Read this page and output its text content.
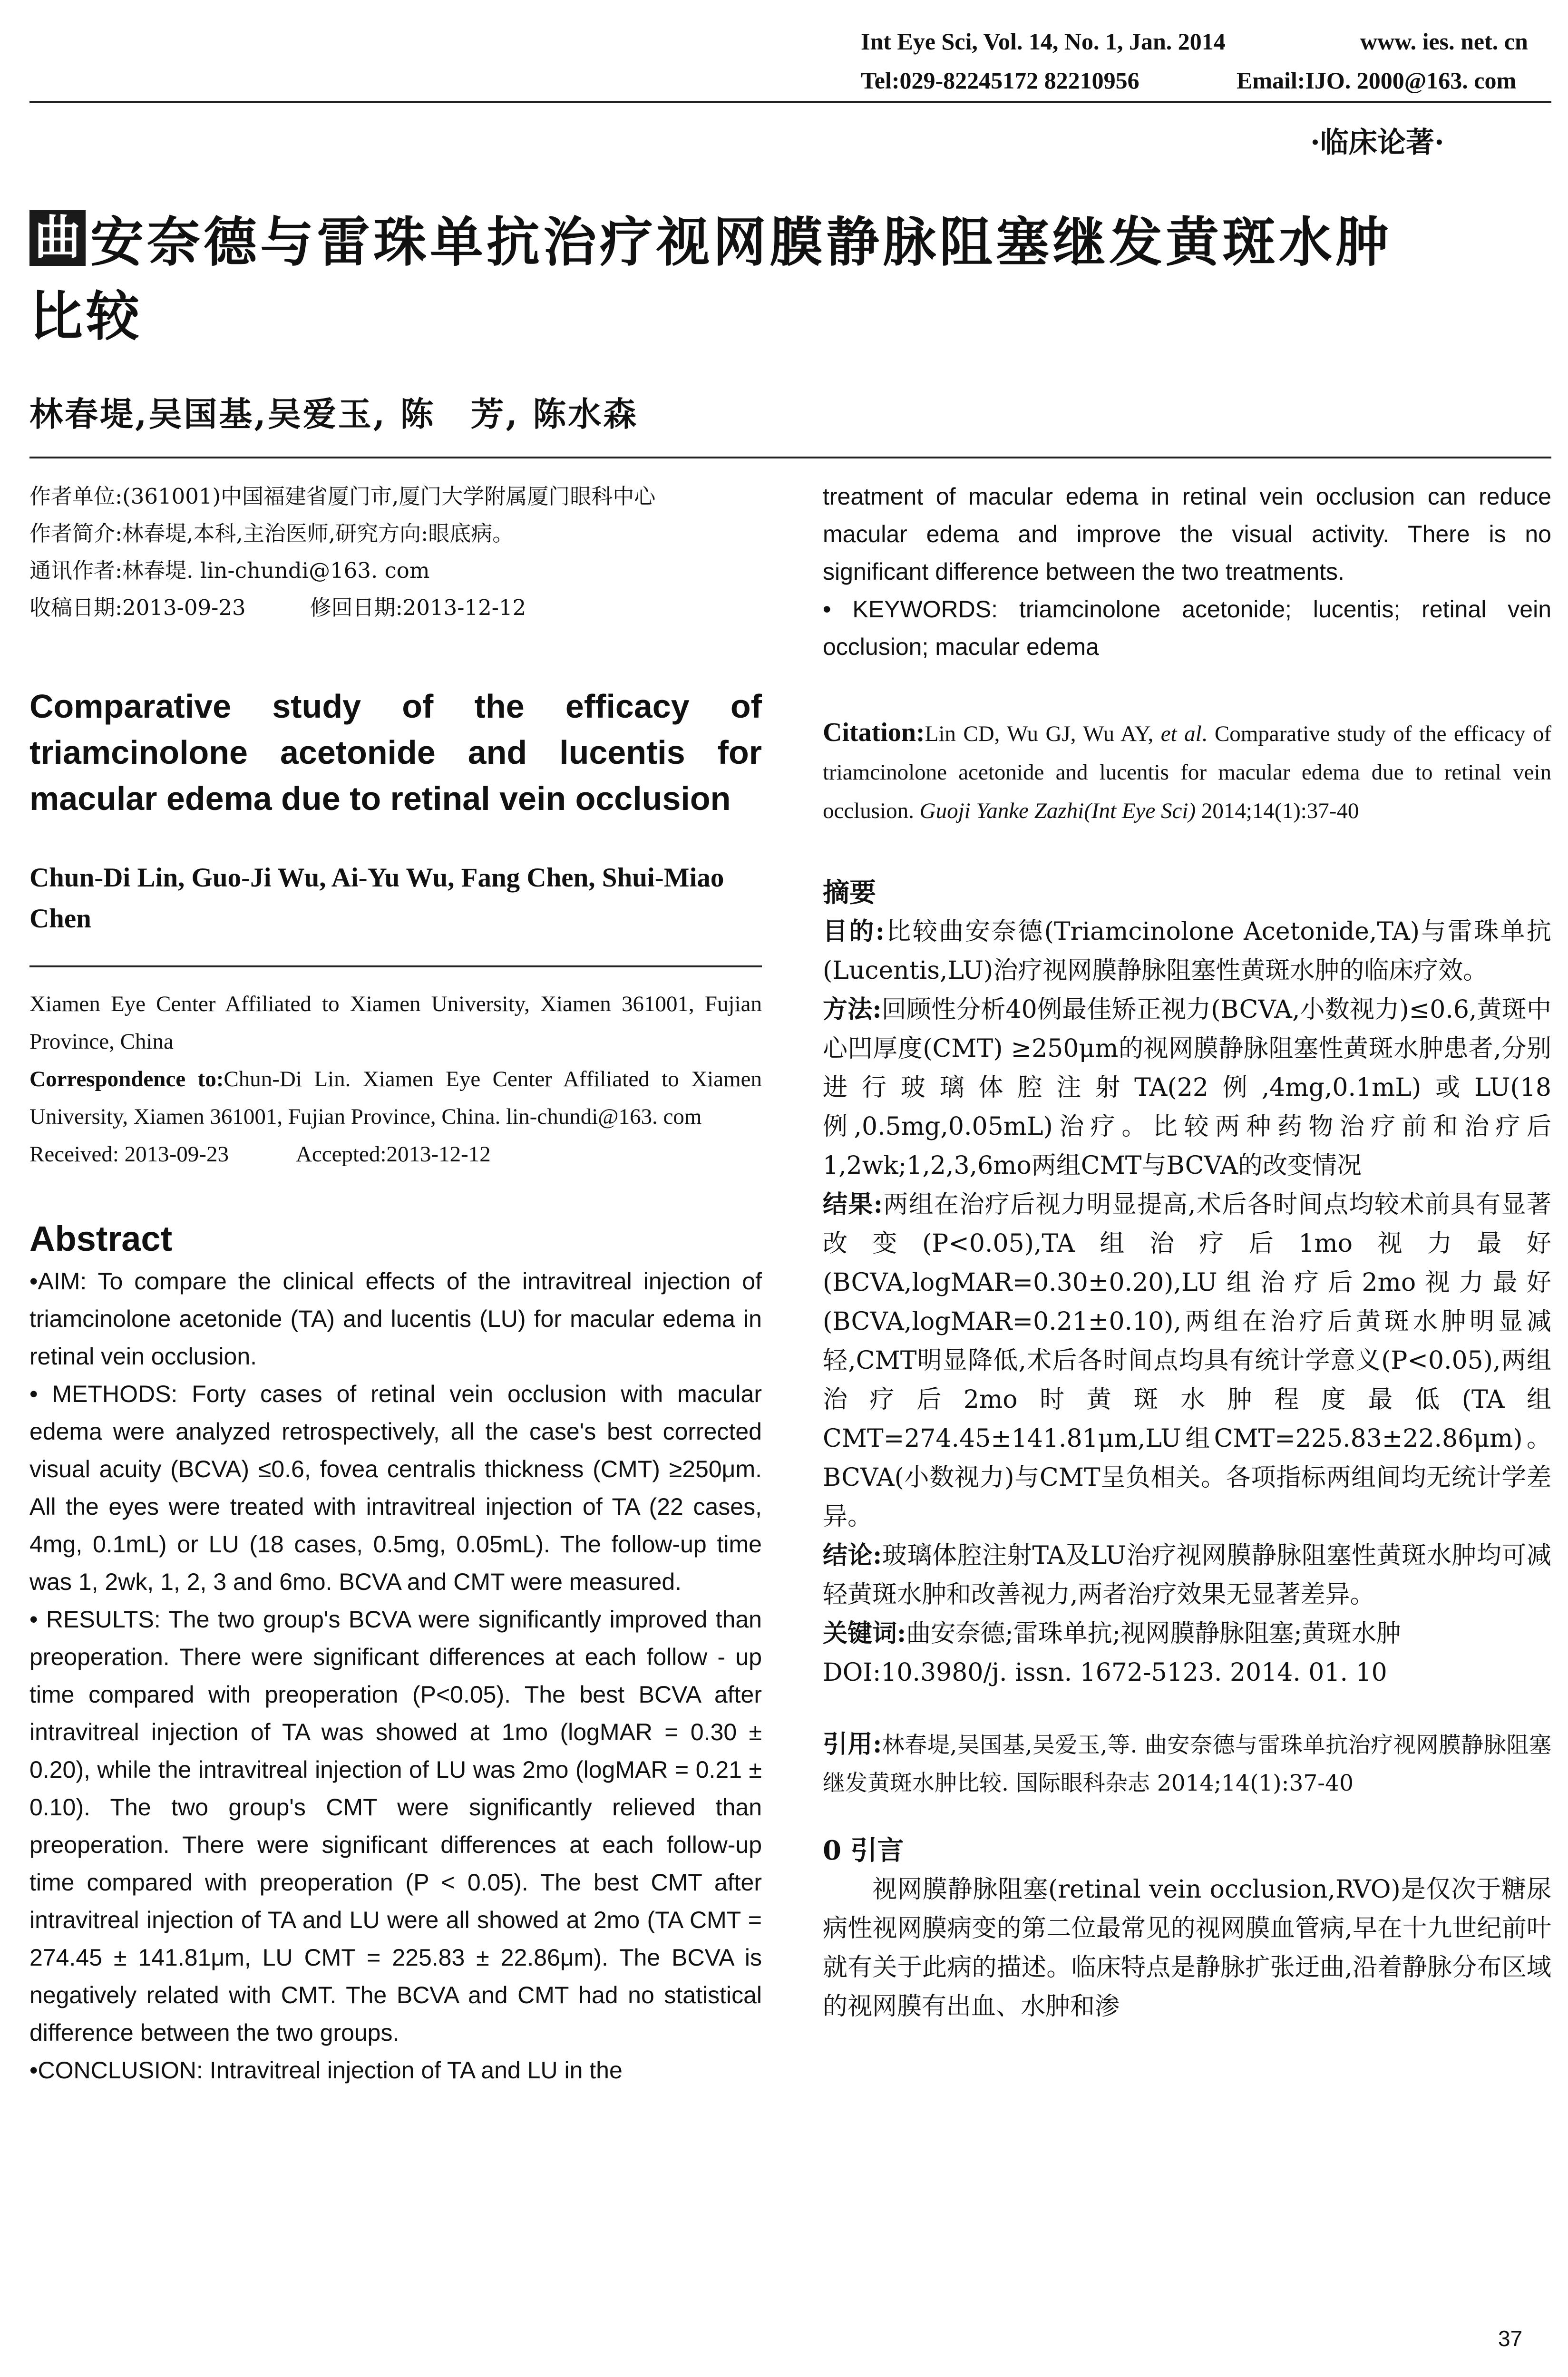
Int Eye Sci, Vol. 14, No. 1, Jan. 2014	www. ies. net. cn
Tel:029-82245172 82210956	Email:IJO. 2000@163. com
·临床论著·
曲 安奈德与雷珠单抗治疗视网膜静脉阻塞继发黄斑水肿
比较
林春堤,吴国基,吴爱玉, 陈　芳, 陈水森
作者单位:(361001)中国福建省厦门市,厦门大学附属厦门眼科中心
作者简介:林春堤,本科,主治医师,研究方向:眼底病。
通讯作者:林春堤. lin-chundi@163. com
收稿日期:2013-09-23　　　修回日期:2013-12-12
Comparative study of the efficacy of triamcinolone acetonide and lucentis for macular edema due to retinal vein occlusion
Chun-Di Lin, Guo-Ji Wu, Ai-Yu Wu, Fang Chen, Shui-Miao Chen
Xiamen Eye Center Affiliated to Xiamen University, Xiamen 361001, Fujian Province, China
Correspondence to:Chun-Di Lin. Xiamen Eye Center Affiliated to Xiamen University, Xiamen 361001, Fujian Province, China. lin-chundi@163. com
Received: 2013-09-23　　　Accepted:2013-12-12
Abstract

•AIM: To compare the clinical effects of the intravitreal injection of triamcinolone acetonide (TA) and lucentis (LU) for macular edema in retinal vein occlusion.

• METHODS: Forty cases of retinal vein occlusion with macular edema were analyzed retrospectively, all the case's best corrected visual acuity (BCVA) ≤0.6, fovea centralis thickness (CMT) ≥250μm. All the eyes were treated with intravitreal injection of TA (22 cases, 4mg, 0.1mL) or LU (18 cases, 0.5mg, 0.05mL). The follow-up time was 1, 2wk, 1, 2, 3 and 6mo. BCVA and CMT were measured.

• RESULTS: The two group's BCVA were significantly improved than preoperation. There were significant differences at each follow - up time compared with preoperation (P<0.05). The best BCVA after intravitreal injection of TA was showed at 1mo (logMAR = 0.30 ± 0.20), while the intravitreal injection of LU was 2mo (logMAR = 0.21 ± 0.10). The two group's CMT were significantly relieved than preoperation. There were significant differences at each follow-up time compared with preoperation (P < 0.05). The best CMT after intravitreal injection of TA and LU were all showed at 2mo (TA CMT = 274.45 ± 141.81μm, LU CMT = 225.83 ± 22.86μm). The BCVA is negatively related with CMT. The BCVA and CMT had no statistical difference between the two groups.

•CONCLUSION: Intravitreal injection of TA and LU in the

treatment of macular edema in retinal vein occlusion can reduce macular edema and improve the visual activity. There is no significant difference between the two treatments.

• KEYWORDS: triamcinolone acetonide; lucentis; retinal vein occlusion; macular edema

Citation:Lin CD, Wu GJ, Wu AY, et al. Comparative study of the efficacy of triamcinolone acetonide and lucentis for macular edema due to retinal vein occlusion. Guoji Yanke Zazhi(Int Eye Sci) 2014;14(1):37-40

摘要

目的:比较曲安奈德(Triamcinolone Acetonide,TA)与雷珠单抗(Lucentis,LU)治疗视网膜静脉阻塞性黄斑水肿的临床疗效。

方法:回顾性分析40例最佳矫正视力(BCVA,小数视力)≤0.6,黄斑中心凹厚度(CMT) ≥250μm的视网膜静脉阻塞性黄斑水肿患者,分别进行玻璃体腔注射TA(22例,4mg,0.1mL)或LU(18例,0.5mg,0.05mL)治疗。比较两种药物治疗前和治疗后1,2wk;1,2,3,6mo两组CMT与BCVA的改变情况

结果:两组在治疗后视力明显提高,术后各时间点均较术前具有显著改变(P<0.05),TA组治疗后1mo视力最好(BCVA,logMAR=0.30±0.20),LU组治疗后2mo视力最好(BCVA,logMAR=0.21±0.10),两组在治疗后黄斑水肿明显减轻,CMT明显降低,术后各时间点均具有统计学意义(P<0.05),两组治疗后2mo时黄斑水肿程度最低(TA组CMT=274.45±141.81μm,LU组CMT=225.83±22.86μm)。BCVA(小数视力)与CMT呈负相关。各项指标两组间均无统计学差异。

结论:玻璃体腔注射TA及LU治疗视网膜静脉阻塞性黄斑水肿均可减轻黄斑水肿和改善视力,两者治疗效果无显著差异。

关键词:曲安奈德;雷珠单抗;视网膜静脉阻塞;黄斑水肿

DOI:10.3980/j. issn. 1672-5123. 2014. 01. 10

引用:林春堤,吴国基,吴爱玉,等. 曲安奈德与雷珠单抗治疗视网膜静脉阻塞继发黄斑水肿比较. 国际眼科杂志 2014;14(1):37-40

0 引言

视网膜静脉阻塞(retinal vein occlusion,RVO)是仅次于糖尿病性视网膜病变的第二位最常见的视网膜血管病,早在十九世纪前叶就有关于此病的描述。临床特点是静脉扩张迂曲,沿着静脉分布区域的视网膜有出血、水肿和渗

37
